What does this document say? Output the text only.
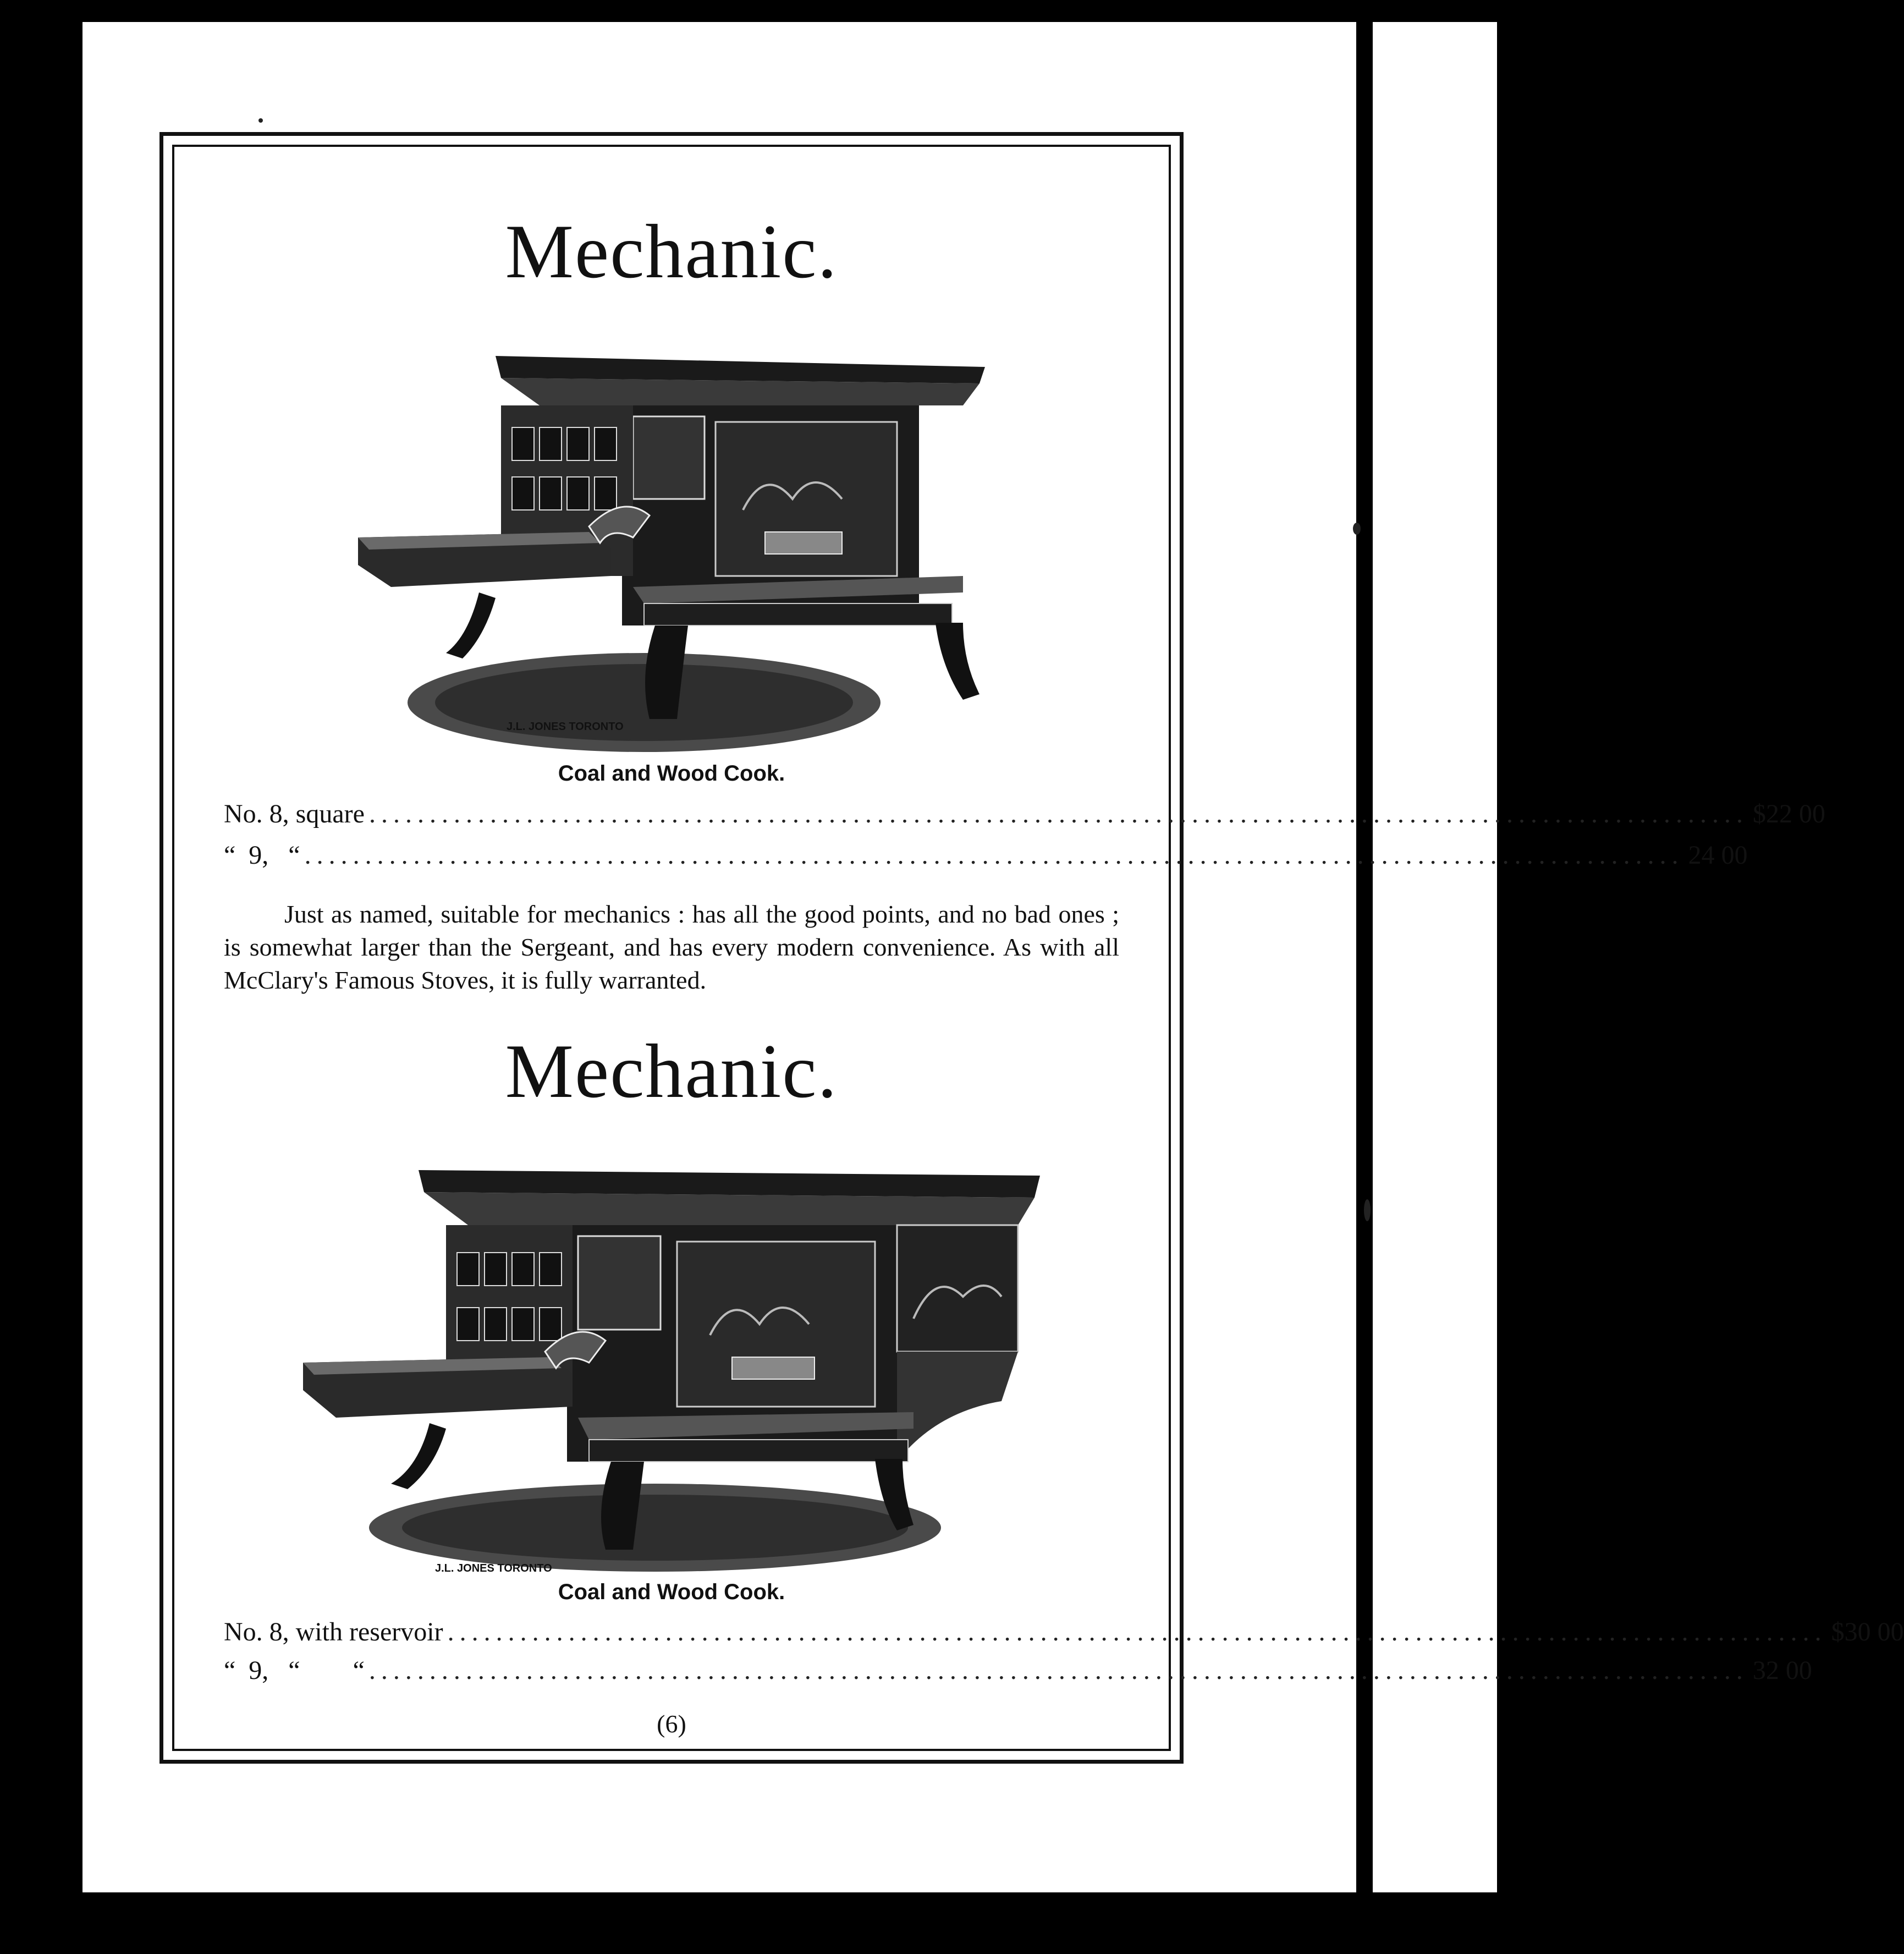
Mechanic.
J.L. JONES TORONTO
Coal and Wood Cook.
No. 8, square .................................................................................................................. $22 00
“  9,   “ .................................................................................................................. 24 00

Just as named, suitable for mechanics : has all the good points, and no bad ones ; is somewhat larger than the Sergeant, and has every modern convenience. As with all McClary's Famous Stoves, it is fully warranted.

Mechanic.
J.L. JONES TORONTO
Coal and Wood Cook.
No. 8, with reservoir .................................................................................................................. $30 00
“  9,   “        “ .................................................................................................................. 32 00
(6)
